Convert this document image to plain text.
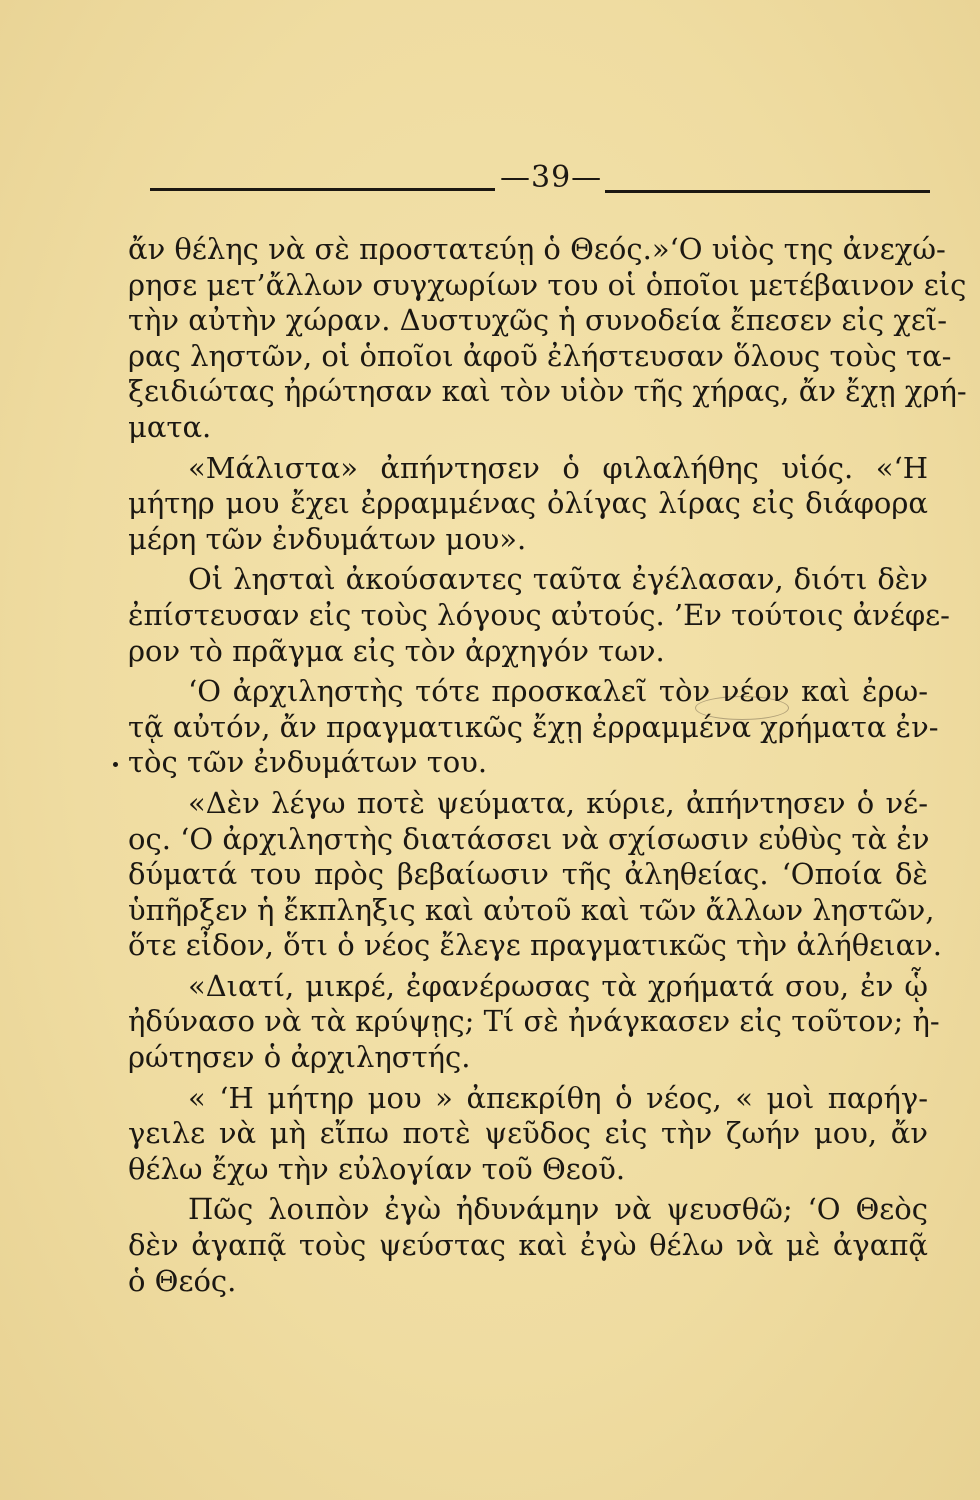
—39—
ἄν θέλης νὰ σὲ προστατεύῃ ὁ Θεός.»‘Ο υἱὸς της ἀνεχώ-
ρησε μετ’ἄλλων συγχωρίων του οἱ ὁποῖοι μετέβαινον εἰς
τὴν αὐτὴν χώραν. Δυστυχῶς ἡ συνοδεία ἔπεσεν εἰς χεῖ-
ρας ληστῶν, οἱ ὁποῖοι ἀφοῦ ἐλήστευσαν ὅλους τοὺς τα-
ξειδιώτας ἠρώτησαν καὶ τὸν υἱὸν τῆς χήρας, ἄν ἔχῃ χρή-
ματα.
«Μάλιστα» ἀπήντησεν ὁ φιλαλήθης υἱός. «‘Η
μήτηρ μου ἔχει ἐρραμμένας ὀλίγας λίρας εἰς διάφορα
μέρη τῶν ἐνδυμάτων μου».
Οἱ λησταὶ ἀκούσαντες ταῦτα ἐγέλασαν, διότι δὲν
ἐπίστευσαν εἰς τοὺς λόγους αὐτούς. ’Εν τούτοις ἀνέφε-
ρον τὸ πρᾶγμα εἰς τὸν ἀρχηγόν των.
‘Ο ἀρχιληστὴς τότε προσκαλεῖ τὸν νέον καὶ ἐρω-
τᾷ αὐτόν, ἄν πραγματικῶς ἔχῃ ἐρραμμένα χρήματα ἐν-
τὸς τῶν ἐνδυμάτων του.
«Δὲν λέγω ποτὲ ψεύματα, κύριε, ἀπήντησεν ὁ νέ-
ος. ‘Ο ἀρχιληστὴς διατάσσει νὰ σχίσωσιν εὐθὺς τὰ ἐν
δύματά του πρὸς βεβαίωσιν τῆς ἀληθείας. ‘Οποία δὲ
ὑπῆρξεν ἡ ἔκπληξις καὶ αὐτοῦ καὶ τῶν ἄλλων ληστῶν,
ὅτε εἶδον, ὅτι ὁ νέος ἔλεγε πραγματικῶς τὴν ἀλήθειαν.
«Διατί, μικρέ, ἐφανέρωσας τὰ χρήματά σου, ἐν ᾧ
ἠδύνασο νὰ τὰ κρύψῃς; Τί σὲ ἠνάγκασεν εἰς τοῦτον; ἠ-
ρώτησεν ὁ ἀρχιληστής.
« ‘Η μήτηρ μου » ἀπεκρίθη ὁ νέος, « μοὶ παρήγ-
γειλε νὰ μὴ εἴπω ποτὲ ψεῦδος εἰς τὴν ζωήν μου, ἄν
θέλω ἔχω τὴν εὐλογίαν τοῦ Θεοῦ.
Πῶς λοιπὸν ἐγὼ ἠδυνάμην νὰ ψευσθῶ; ‘Ο Θεὸς
δὲν ἀγαπᾷ τοὺς ψεύστας καὶ ἐγὼ θέλω νὰ μὲ ἀγαπᾷ
ὁ Θεός.
